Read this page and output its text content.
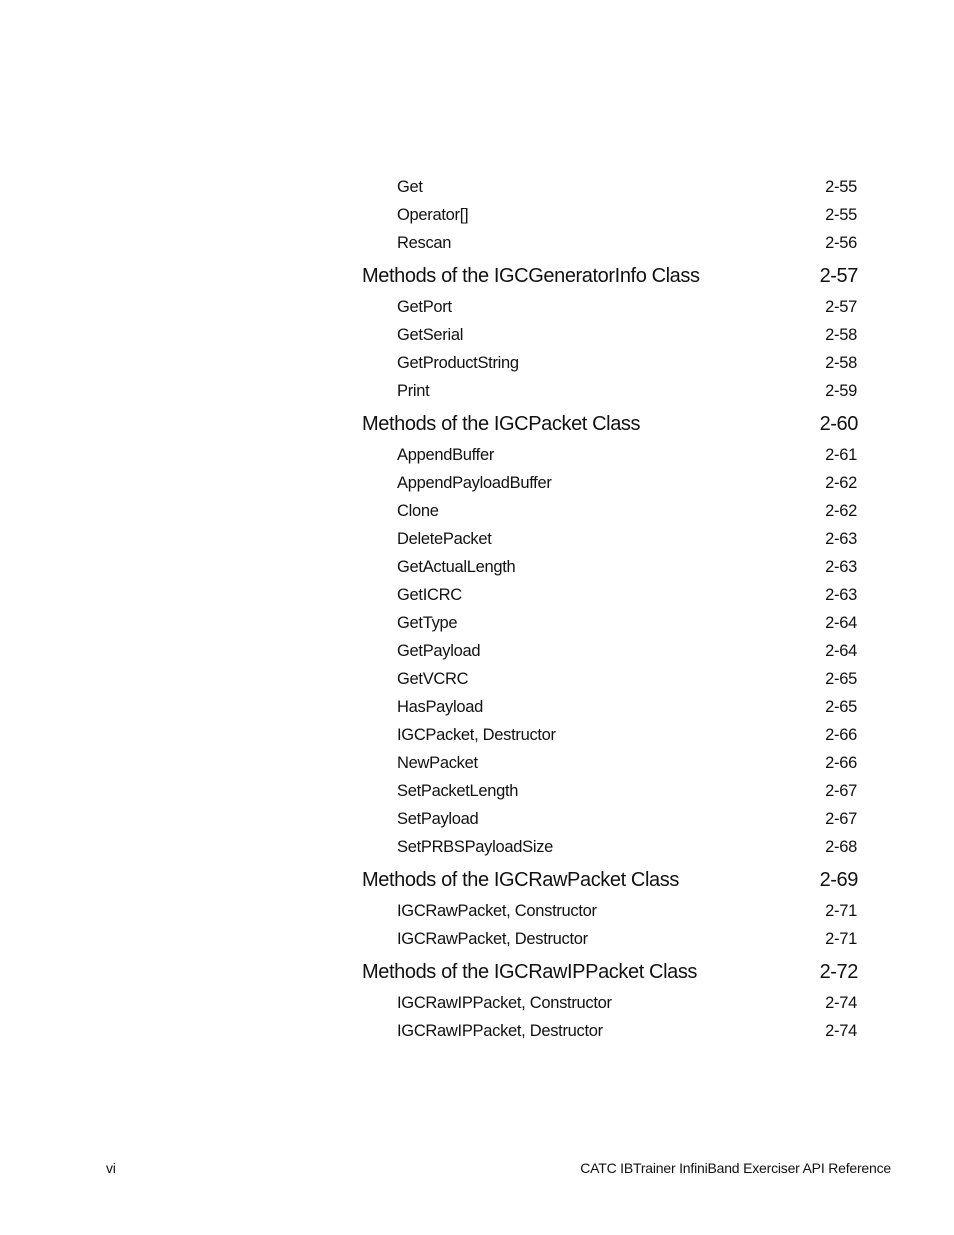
Get	2-55
Operator[]	2-55
Rescan	2-56
Methods of the IGCGeneratorInfo Class	2-57
GetPort	2-57
GetSerial	2-58
GetProductString	2-58
Print	2-59
Methods of the IGCPacket Class	2-60
AppendBuffer	2-61
AppendPayloadBuffer	2-62
Clone	2-62
DeletePacket	2-63
GetActualLength	2-63
GetICRC	2-63
GetType	2-64
GetPayload	2-64
GetVCRC	2-65
HasPayload	2-65
IGCPacket, Destructor	2-66
NewPacket	2-66
SetPacketLength	2-67
SetPayload	2-67
SetPRBSPayloadSize	2-68
Methods of the IGCRawPacket Class	2-69
IGCRawPacket, Constructor	2-71
IGCRawPacket, Destructor	2-71
Methods of the IGCRawIPPacket Class	2-72
IGCRawIPPacket, Constructor	2-74
IGCRawIPPacket, Destructor	2-74
vi	CATC IBTrainer InfiniBand Exerciser API Reference
